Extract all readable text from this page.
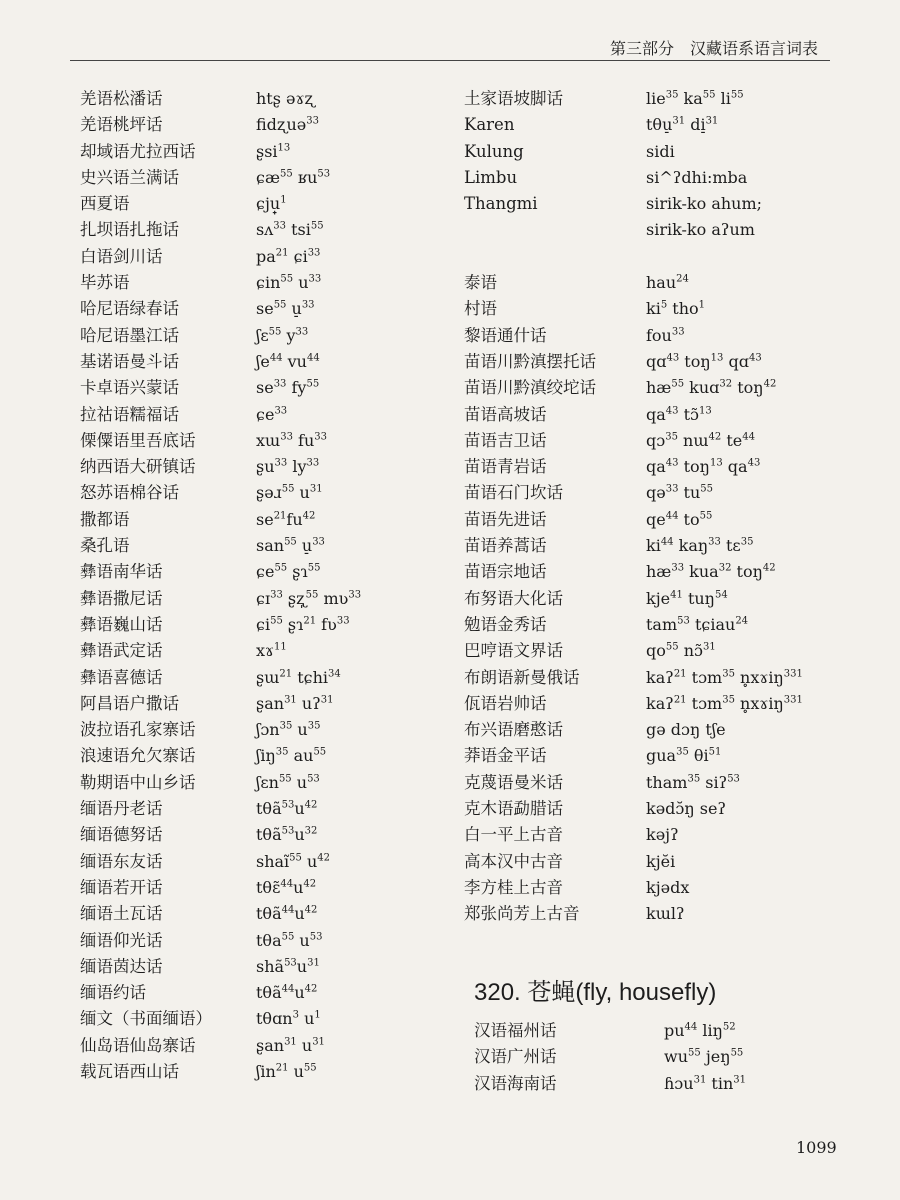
第三部分　汉藏语系语言词表
羌语松潘话	htʂ əɤʐ
羌语桃坪话	fidʐuə$^{33}$
却域语尤拉西话	ʂsi$^{13}$
史兴语兰满话	ɕæ$^{55}$ ʁu$^{53}$
西夏语	ɕju̟$^1$
扎坝语扎拖话	sʌ$^{33}$ tsi$^{55}$
白语剑川话	$pa^{21}$ ɕi$^{33}$
毕苏语	ɕin$^{55}$ $u^{33}$
哈尼语绿春话	$se^{55}$ u̠$^{33}$
哈尼语墨江话	ʃɛ$^{55}$ $y^{33}$
基诺语曼斗话	ʃe$^{44}$ $vu^{44}$
卡卓语兴蒙话	$se^{33}$ $fy^{55}$
拉祜语糯福话	ɕe$^{33}$
傈僳语里吾底话	xɯ$^{33}$ $fu^{33}$
纳西语大研镇话	ʂu$^{33}$ $ly^{33}$
怒苏语棉谷话	ʂəɹ$^{55}$ $u^{31}$
撒都语	$se^{21}fu^{42}$
桑孔语	san$^{55}$ u̠$^{33}$
彝语南华话	ɕe$^{55}$ ʂɿ$^{55}$
彝语撒尼话	ɕɪ$^{33}$ ʂʐ̩$^{55}$ mʋ$^{33}$
彝语巍山话	ɕi$^{55}$ ʂɿ$^{21}$ fʋ$^{33}$
彝语武定话	xɤ$^{11}$
彝语喜德话	ʂɯ$^{21}$ tɕhi$^{34}$
阿昌语户撒话	ʂan$^{31}$ uʔ$^{31}$
波拉语孔家寨话	ʃɔn$^{35}$ $u^{35}$
浪速语允欠寨话	ʃiŋ$^{35}$ $au^{55}$
勒期语中山乡话	ʃɛn$^{55}$ $u^{53}$
缅语丹老话	$t\theta ã^{53}u^{42}$
缅语德努话	$t\theta ã^{53}u^{32}$
缅语东友话	shaĩ$^{55}$ $u^{42}$
缅语若开话	$t\theta ɛ̃^{44}u^{42}$
缅语土瓦话	$t\theta ã^{44}u^{42}$
缅语仰光话	tθa$^{55}$ $u^{53}$
缅语茵达话	$shã^{53}u^{31}$
缅语约话	$t\theta ã^{44}u^{42}$
缅文（书面缅语）	tθɑn$^3$ $u^1$
仙岛语仙岛寨话	ʂan$^{31}$ $u^{31}$
载瓦语西山话	ʃin$^{21}$ $u^{55}$
土家语坡脚话	lie$^{35}$ $ka^{55}$ $li^{55}$
Karen	tθu̠$^{31}$ di̠$^{31}$
Kulung	sidi
Limbu	si^ʔdhi:mba
Thangmi	sirik-ko ahum;
sirik-ko aʔum
泰语	hau$^{24}$
村语	$ki^5$ tho$^1$
黎语通什话	fou$^{33}$
苗语川黔滇摆托话	qɑ$^{43}$ toŋ$^{13}$ qɑ$^{43}$
苗语川黔滇绞坨话	$hæ^{55}$ kuɑ$^{32}$ toŋ$^{42}$
苗语高坡话	$qa^{43}$ tɔ̃$^{13}$
苗语吉卫话	qɔ$^{35}$ nɯ$^{42}$ $te^{44}$
苗语青岩话	$qa^{43}$ toŋ$^{13}$ $qa^{43}$
苗语石门坎话	qə$^{33}$ $tu^{55}$
苗语先进话	$qe^{44}$ $to^{55}$
苗语养蒿话	$ki^{44}$ kaŋ$^{33}$ tɛ$^{35}$
苗语宗地话	$hæ^{33}$ kua$^{32}$ toŋ$^{42}$
布努语大化话	kje$^{41}$ tuŋ$^{54}$
勉语金秀话	tam$^{53}$ tɕiau$^{24}$
巴哼语文界话	$qo^{55}$ nɔ̃$^{31}$
布朗语新曼俄话	kaʔ$^{21}$ tɔm$^{35}$ n̥xɤiŋ$^{331}$
佤语岩帅话	kaʔ$^{21}$ tɔm$^{35}$ n̥xɤiŋ$^{331}$
布兴语磨憨话	gə dɔŋ tʃe
莽语金平话	gua$^{35}$ $\theta i^{51}$
克蔑语曼米话	tham$^{35}$ siʔ$^{53}$
克木语勐腊话	kədɔ̆ŋ seʔ
白一平上古音	kəjʔ
高本汉中古音	kjĕi
李方桂上古音	kjədx
郑张尚芳上古音	kɯlʔ
320. 苍蝇(fly, housefly)
汉语福州话	$pu^{44}$ liŋ$^{52}$
汉语广州话	$wu^{55}$ jeŋ$^{55}$
汉语海南话	ɦɔu$^{31}$ tin$^{31}$
1099
